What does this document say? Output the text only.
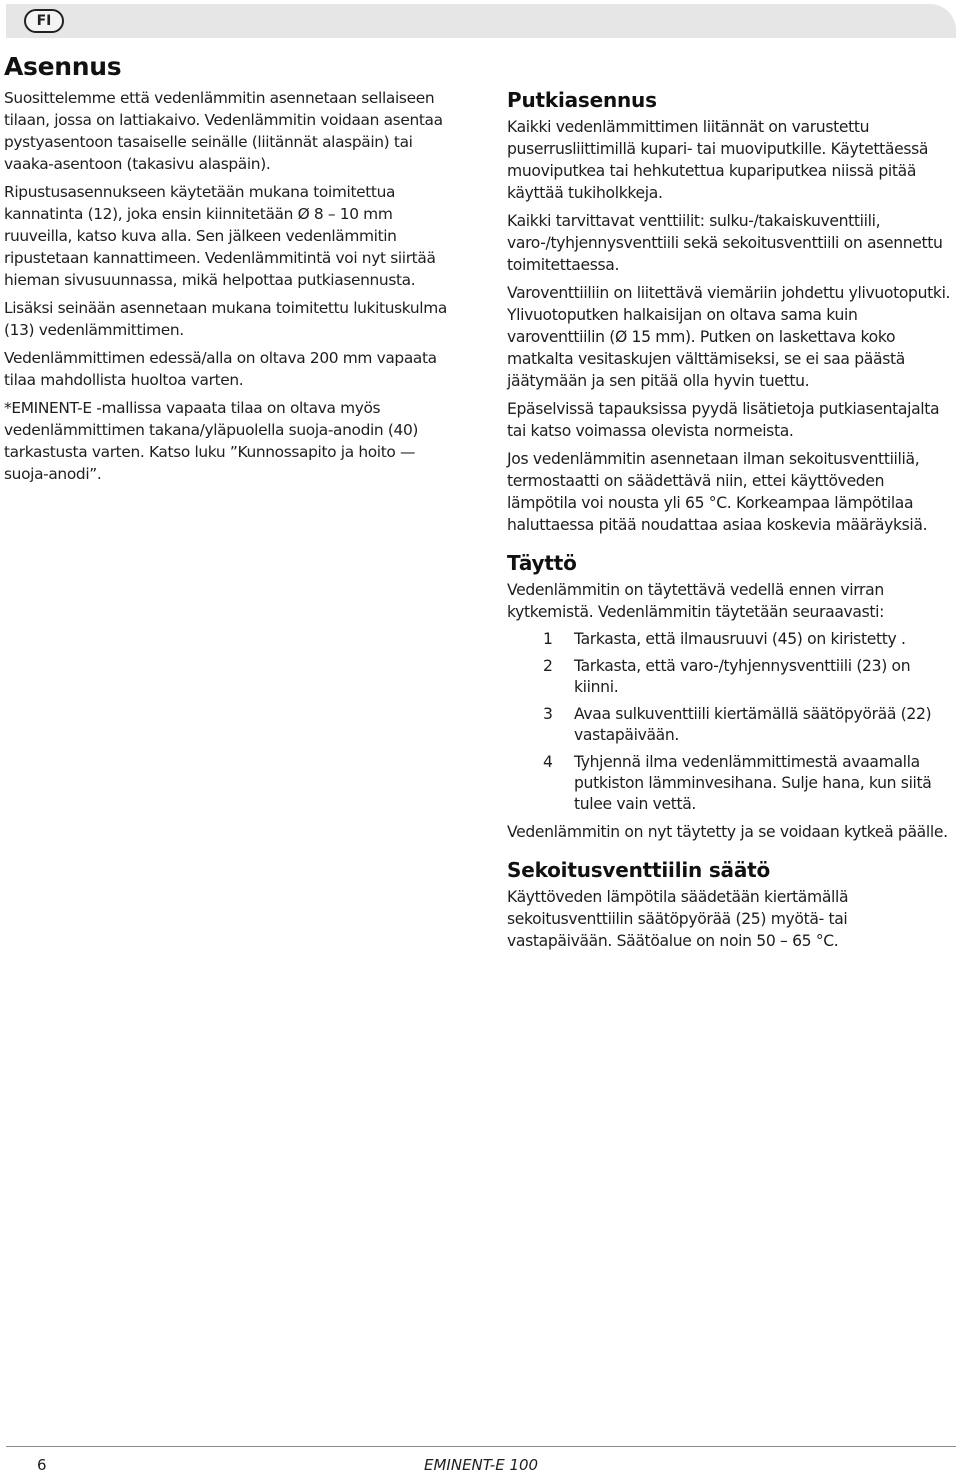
FI
Asennus

Suosittelemme että vedenlämmitin asennetaan sellaiseen tilaan, jossa on lattiakaivo. Vedenlämmitin voidaan asentaa pystyasentoon tasaiselle seinälle (liitännät alaspäin) tai vaaka-asentoon (takasivu alaspäin).

Ripustusasennukseen käytetään mukana toimitettua kannatinta (12), joka ensin kiinnitetään Ø 8 – 10 mm ruuveilla, katso kuva alla. Sen jälkeen vedenlämmitin ripustetaan kannattimeen. Vedenlämmitintä voi nyt siirtää hieman sivusuunnassa, mikä helpottaa putkiasennusta.

Lisäksi seinään asennetaan mukana toimitettu lukituskulma (13) vedenlämmittimen.

Vedenlämmittimen edessä/alla on oltava 200 mm vapaata tilaa mahdollista huoltoa varten.

*EMINENT-E -mallissa vapaata tilaa on oltava myös vedenlämmittimen takana/yläpuolella suoja-anodin (40) tarkastusta varten. Katso luku ”Kunnossapito ja hoito — suoja-anodi”.

Putkiasennus

Kaikki vedenlämmittimen liitännät on varustettu puserrusliittimillä kupari- tai muoviputkille. Käytettäessä muoviputkea tai hehkutettua kupariputkea niissä pitää käyttää tukiholkkeja.

Kaikki tarvittavat venttiilit: sulku-/takaiskuventtiili, varo-/tyhjennysventtiili sekä sekoitusventtiili on asennettu toimitettaessa.

Varoventtiiliin on liitettävä viemäriin johdettu ylivuotoputki. Ylivuotoputken halkaisijan on oltava sama kuin varoventtiilin (Ø 15 mm). Putken on laskettava koko matkalta vesitaskujen välttämiseksi, se ei saa päästä jäätymään ja sen pitää olla hyvin tuettu.

Epäselvissä tapauksissa pyydä lisätietoja putkiasentajalta tai katso voimassa olevista normeista.

Jos vedenlämmitin asennetaan ilman sekoitusventtiiliä, termostaatti on säädettävä niin, ettei käyttöveden lämpötila voi nousta yli 65 °C. Korkeampaa lämpötilaa haluttaessa pitää noudattaa asiaa koskevia määräyksiä.

Täyttö

Vedenlämmitin on täytettävä vedellä ennen virran kytkemistä. Vedenlämmitin täytetään seuraavasti:

1	Tarkasta, että ilmausruuvi (45) on kiristetty .
2	Tarkasta, että varo-/tyhjennysventtiili (23) on kiinni.
3	Avaa sulkuventtiili kiertämällä säätöpyörää (22) vastapäivään.
4	Tyhjennä ilma vedenlämmittimestä avaamalla putkiston lämminvesihana. Sulje hana, kun siitä tulee vain vettä.

Vedenlämmitin on nyt täytetty ja se voidaan kytkeä päälle.

Sekoitusventtiilin säätö

Käyttöveden lämpötila säädetään kiertämällä sekoitusventtiilin säätöpyörää (25) myötä- tai vastapäivään. Säätöalue on noin 50 – 65 °C.

6	EMINENT-E 100
